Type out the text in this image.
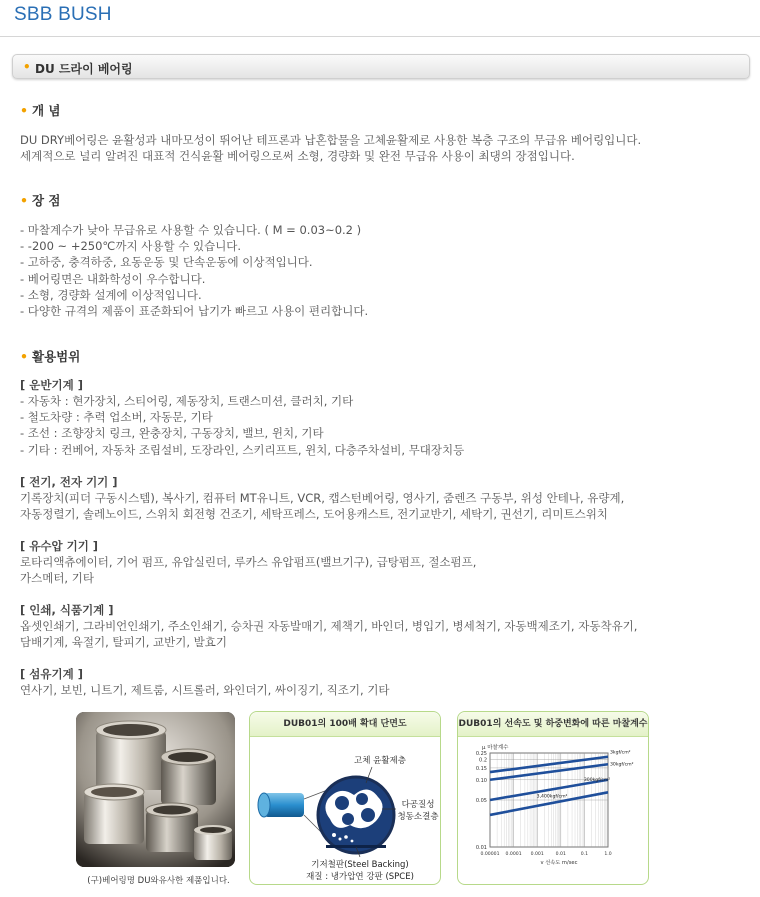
SBB BUSH
• DU 드라이 베어링
• 개 념
DU DRY베어링은 윤활성과 내마모성이 뛰어난 테프론과 납혼합물을 고체윤활제로 사용한 복층 구조의 무급유 베어링입니다.
세계적으로 널리 알려진 대표적 건식윤활 베어링으로써 소형, 경량화 및 완전 무급유 사용이 최댕의 장점입니다.
• 장 점
- 마찰계수가 낮아 무급유로 사용할 수 있습니다. ( Μ = 0.03~0.2 )
- -200 ~ +250℃까지 사용할 수 있습니다.
- 고하중, 충격하중, 요동운동 및 단속운동에 이상적입니다.
- 베어링면은 내화학성이 우수합니다.
- 소형, 경량화 설계에 이상적입니다.
- 다양한 규격의 제품이 표준화되어 납기가 빠르고 사용이 편리합니다.
• 활용범위
[ 운반기계 ]
- 자동차 : 현가장치, 스티어링, 제동장치, 트랜스미션, 클러치, 기타
- 철도차량 : 추력 업소버, 자동문, 기타
- 조선 : 조향장치 링크, 완충장치, 구동장치, 밸브, 윈치, 기타
- 기타 : 컨베어, 자동차 조립설비, 도장라인, 스키리프트, 윈치, 다층주차설비, 무대장치등
[ 전기, 전자 기기 ]
기록장치(피더 구동시스템), 복사기, 컴퓨터 MT유니트, VCR, 캡스턴베어링, 영사기, 줌렌즈 구동부, 위성 안테나, 유량계,
자동정렬기, 솔레노이드, 스위치 회전형 건조기, 세탁프레스, 도어용캐스트, 전기교반기, 세탁기, 권선기, 리미트스위치
[ 유수압 기기 ]
로타리액츄에이터, 기어 펌프, 유압실린더, 루카스 유압펌프(밸브기구), 급탕펌프, 절소펌프,
가스메터, 기타
[ 인쇄, 식품기계 ]
옵셋인쇄기, 그라비언인쇄기, 주소인쇄기, 승차권 자동발매기, 제책기, 바인더, 병입기, 병세척기, 자동백제조기, 자동착유기,
담배기계, 육절기, 탈피기, 교반기, 발효기
[ 섬유기계 ]
연사기, 보빈, 니트기, 제트룸, 시트롤러, 와인더기, 싸이징기, 직조기, 기타
(구)베어링명 DU와유사한 제품입니다.
DUB01의 100배 확대 단면도
고체 윤활제층
다공질성
청동소결층
기저철판(Steel Backing)
재질 : 냉가압연 강판 (SPCE)
DUB01의 선속도 및 하중변화에 따른 마찰계수
μ 마찰계수
0.25
0.2
0.15
0.10
0.05
0.01
0.00001 0.0001 0.001	0.01	0.1	1.0
v 선속도 m/sec
3kgf/cm²
30kgf/cm²
300kgf/cm²
3,400kgf/cm²
